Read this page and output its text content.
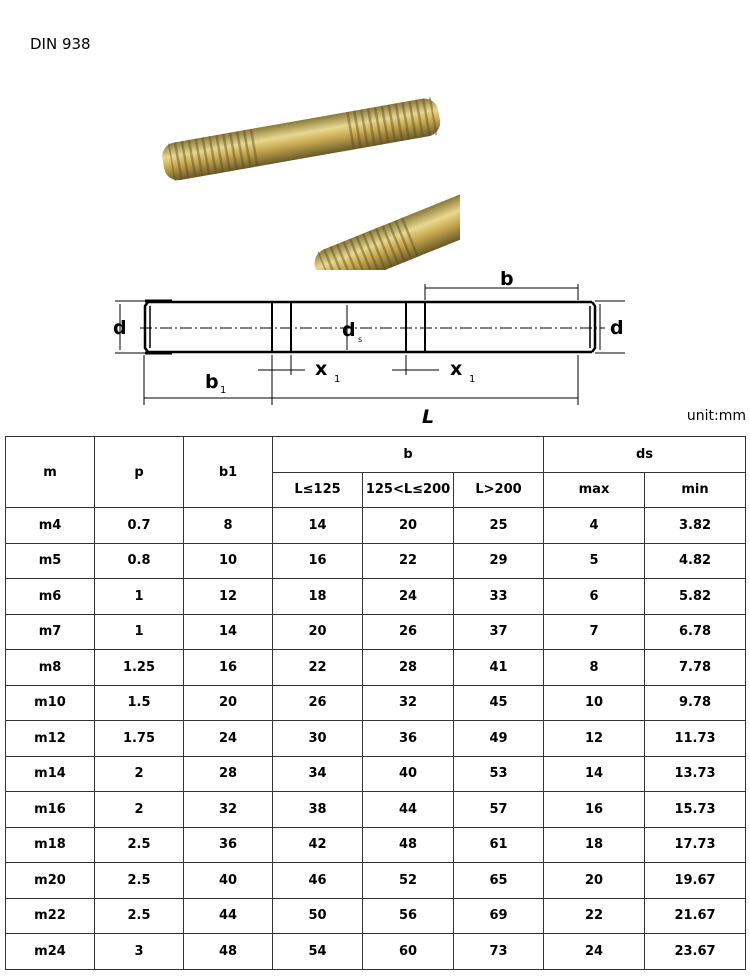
DIN 938
b
d	d
d s
b 1
x 1	x 1
L	unit:mm
m	p	b1	b			ds	
			L≤125	125<L≤200	L>200	max	min
m4	0.7	8	14	20	25	4	3.82
m5	0.8	10	16	22	29	5	4.82
m6	1	12	18	24	33	6	5.82
m7	1	14	20	26	37	7	6.78
m8	1.25	16	22	28	41	8	7.78
m10	1.5	20	26	32	45	10	9.78
m12	1.75	24	30	36	49	12	11.73
m14	2	28	34	40	53	14	13.73
m16	2	32	38	44	57	16	15.73
m18	2.5	36	42	48	61	18	17.73
m20	2.5	40	46	52	65	20	19.67
m22	2.5	44	50	56	69	22	21.67
m24	3	48	54	60	73	24	23.67
